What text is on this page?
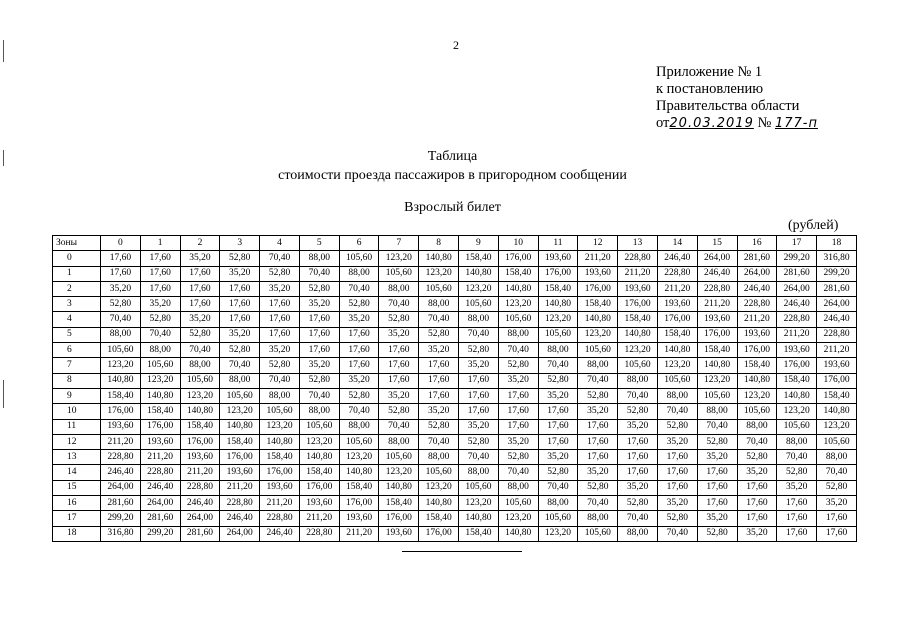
2
Приложение № 1
к постановлению
Правительства области
от20.03.2019 № 177-п
Таблица
стоимости проезда пассажиров в пригородном сообщении
Взрослый билет
(рублей)
Зоны	0	1	2	3	4	5	6	7	8	9	10	11	12	13	14	15	16	17	18
0	17,60	17,60	35,20	52,80	70,40	88,00	105,60	123,20	140,80	158,40	176,00	193,60	211,20	228,80	246,40	264,00	281,60	299,20	316,80
1	17,60	17,60	17,60	35,20	52,80	70,40	88,00	105,60	123,20	140,80	158,40	176,00	193,60	211,20	228,80	246,40	264,00	281,60	299,20
2	35,20	17,60	17,60	17,60	35,20	52,80	70,40	88,00	105,60	123,20	140,80	158,40	176,00	193,60	211,20	228,80	246,40	264,00	281,60
3	52,80	35,20	17,60	17,60	17,60	35,20	52,80	70,40	88,00	105,60	123,20	140,80	158,40	176,00	193,60	211,20	228,80	246,40	264,00
4	70,40	52,80	35,20	17,60	17,60	17,60	35,20	52,80	70,40	88,00	105,60	123,20	140,80	158,40	176,00	193,60	211,20	228,80	246,40
5	88,00	70,40	52,80	35,20	17,60	17,60	17,60	35,20	52,80	70,40	88,00	105,60	123,20	140,80	158,40	176,00	193,60	211,20	228,80
6	105,60	88,00	70,40	52,80	35,20	17,60	17,60	17,60	35,20	52,80	70,40	88,00	105,60	123,20	140,80	158,40	176,00	193,60	211,20
7	123,20	105,60	88,00	70,40	52,80	35,20	17,60	17,60	17,60	35,20	52,80	70,40	88,00	105,60	123,20	140,80	158,40	176,00	193,60
8	140,80	123,20	105,60	88,00	70,40	52,80	35,20	17,60	17,60	17,60	35,20	52,80	70,40	88,00	105,60	123,20	140,80	158,40	176,00
9	158,40	140,80	123,20	105,60	88,00	70,40	52,80	35,20	17,60	17,60	17,60	35,20	52,80	70,40	88,00	105,60	123,20	140,80	158,40
10	176,00	158,40	140,80	123,20	105,60	88,00	70,40	52,80	35,20	17,60	17,60	17,60	35,20	52,80	70,40	88,00	105,60	123,20	140,80
11	193,60	176,00	158,40	140,80	123,20	105,60	88,00	70,40	52,80	35,20	17,60	17,60	17,60	35,20	52,80	70,40	88,00	105,60	123,20
12	211,20	193,60	176,00	158,40	140,80	123,20	105,60	88,00	70,40	52,80	35,20	17,60	17,60	17,60	35,20	52,80	70,40	88,00	105,60
13	228,80	211,20	193,60	176,00	158,40	140,80	123,20	105,60	88,00	70,40	52,80	35,20	17,60	17,60	17,60	35,20	52,80	70,40	88,00
14	246,40	228,80	211,20	193,60	176,00	158,40	140,80	123,20	105,60	88,00	70,40	52,80	35,20	17,60	17,60	17,60	35,20	52,80	70,40
15	264,00	246,40	228,80	211,20	193,60	176,00	158,40	140,80	123,20	105,60	88,00	70,40	52,80	35,20	17,60	17,60	17,60	35,20	52,80
16	281,60	264,00	246,40	228,80	211,20	193,60	176,00	158,40	140,80	123,20	105,60	88,00	70,40	52,80	35,20	17,60	17,60	17,60	35,20
17	299,20	281,60	264,00	246,40	228,80	211,20	193,60	176,00	158,40	140,80	123,20	105,60	88,00	70,40	52,80	35,20	17,60	17,60	17,60
18	316,80	299,20	281,60	264,00	246,40	228,80	211,20	193,60	176,00	158,40	140,80	123,20	105,60	88,00	70,40	52,80	35,20	17,60	17,60
